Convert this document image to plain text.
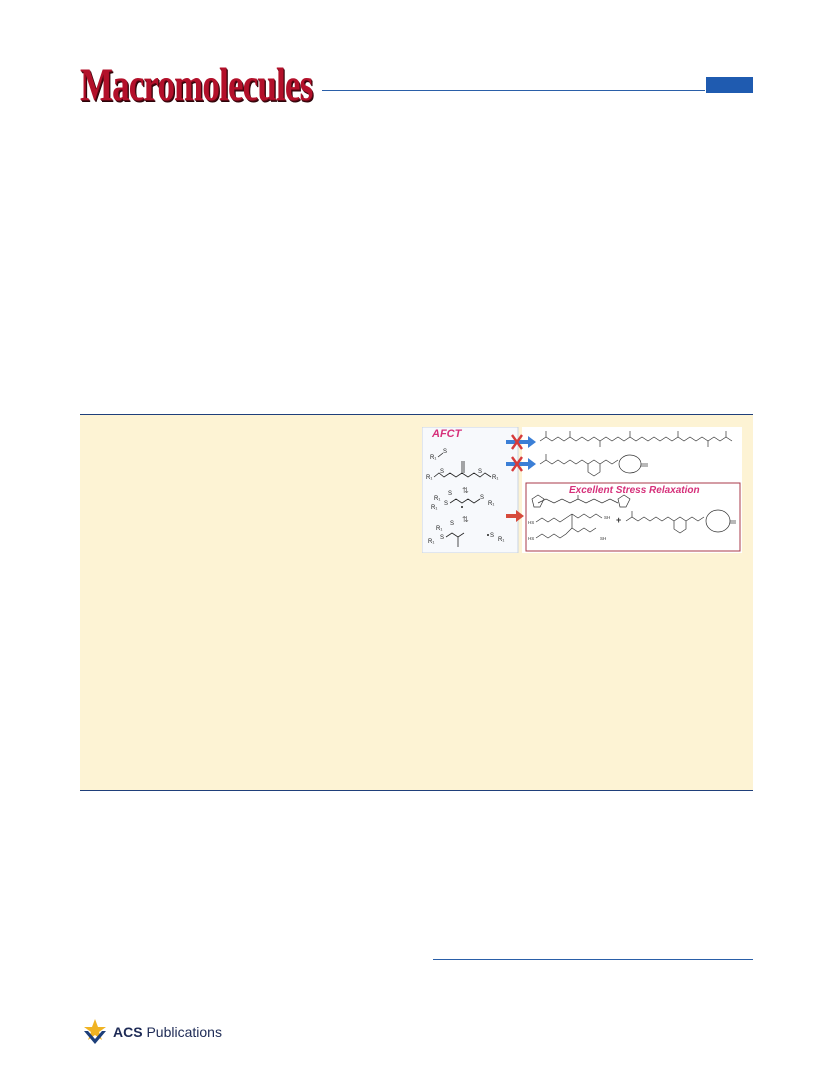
Macromolecules
AFCT
R₁
S
R₁
S	S
R₁
⇅
R₁
S
S
R₁
S
R₁
⇅
R₁
S
S
R₁
S
R₁
Excellent Stress Relaxation
HS
SH
SH
HS
+
ACS Publications
